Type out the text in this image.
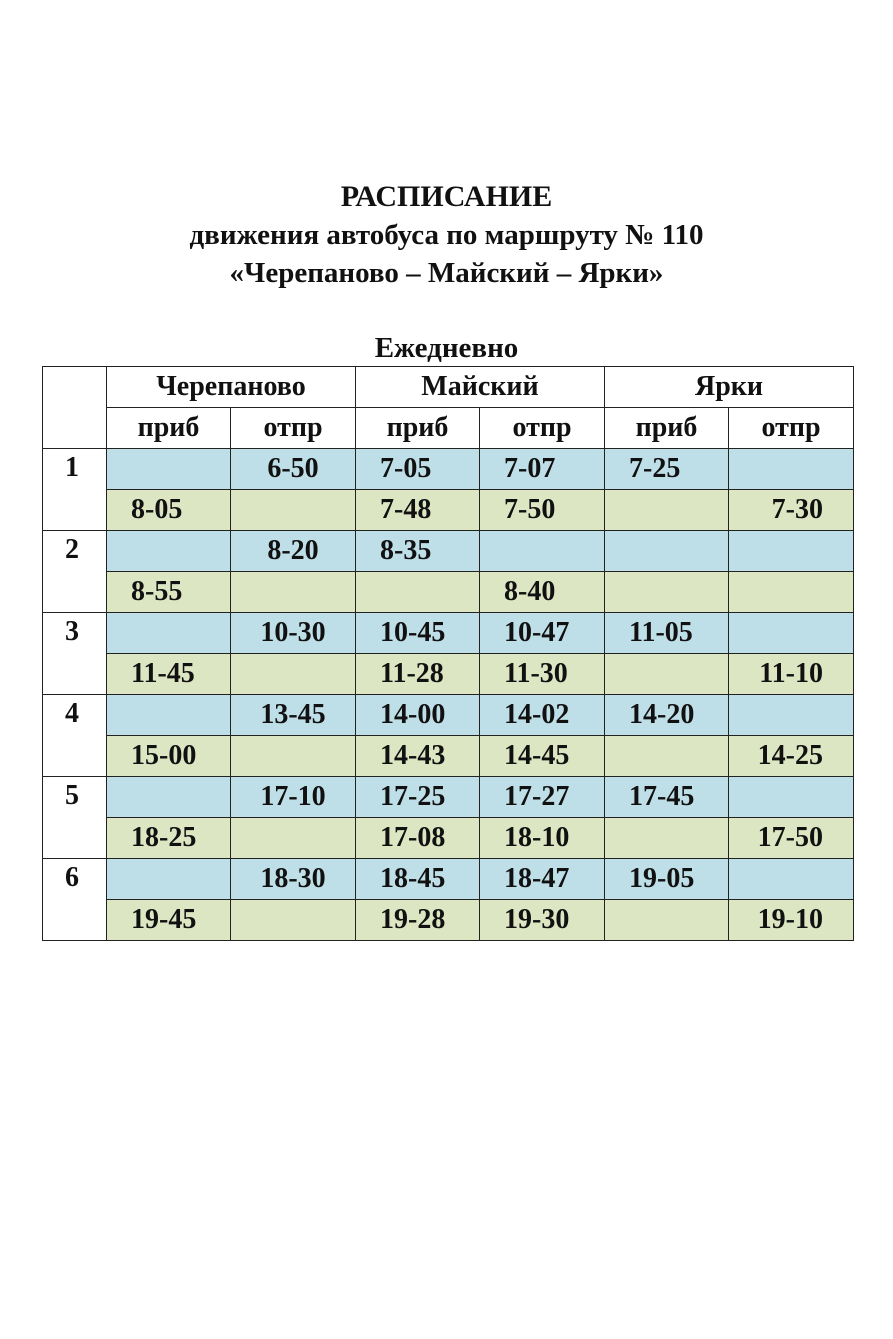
РАСПИСАНИЕ
движения автобуса по маршруту № 110
«Черепаново – Майский – Ярки»
Ежедневно
	Черепаново		Майский		Ярки	
	приб	отпр	приб	отпр	приб	отпр
1		6-50	7-05	7-07	7-25	
	8-05		7-48	7-50		7-30
2		8-20	8-35			
	8-55			8-40		
3		10-30	10-45	10-47	11-05	
	11-45		11-28	11-30		11-10
4		13-45	14-00	14-02	14-20	
	15-00		14-43	14-45		14-25
5		17-10	17-25	17-27	17-45	
	18-25		17-08	18-10		17-50
6		18-30	18-45	18-47	19-05	
	19-45		19-28	19-30		19-10
